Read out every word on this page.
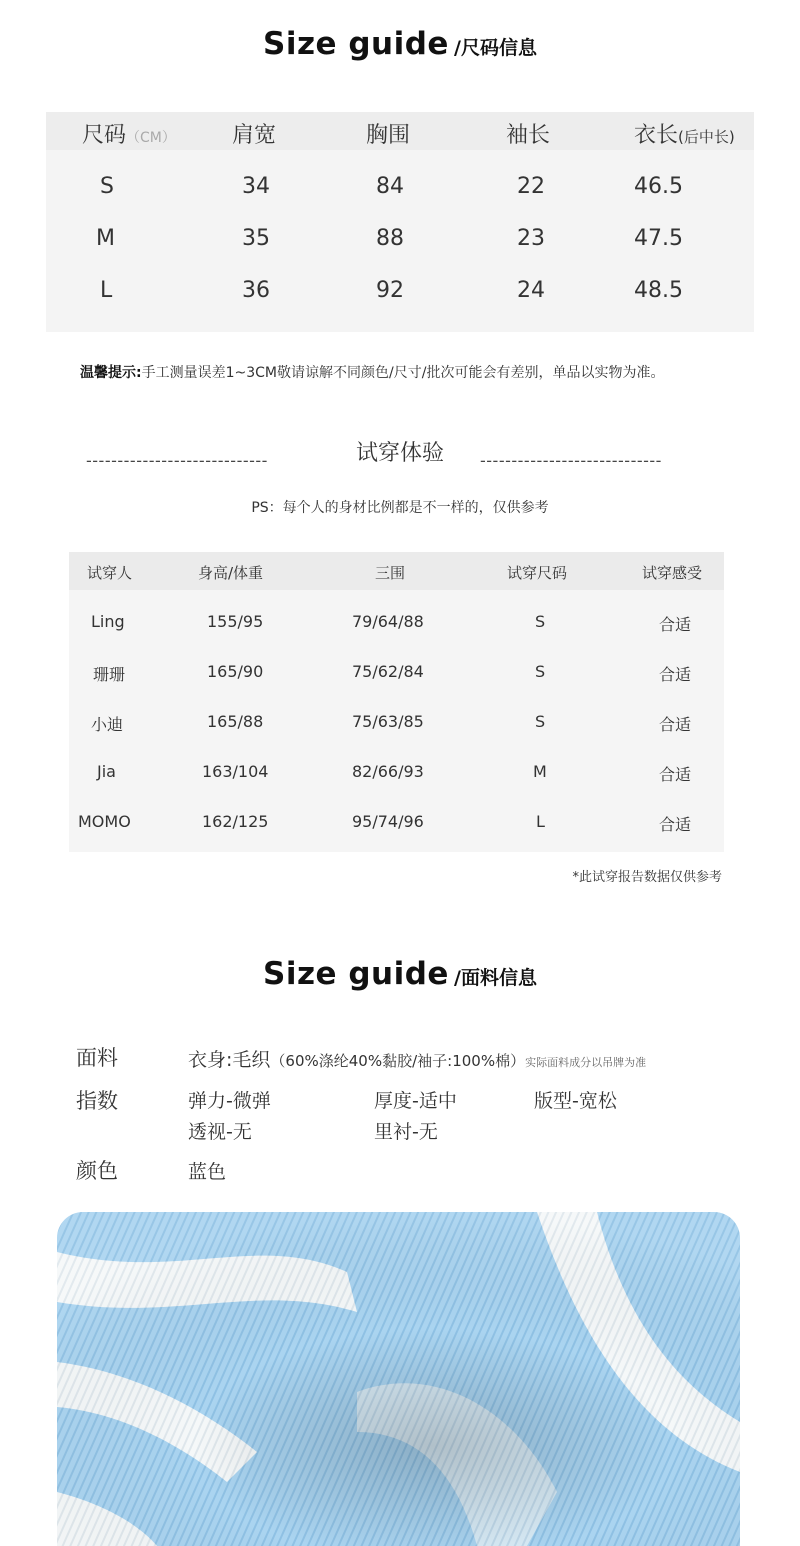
Size guide /尺码信息
尺码（CM）	肩宽	胸围	袖长	衣长(后中长)
S	34	84	22	46.5
M	35	88	23	47.5
L	36	92	24	48.5
温馨提示:手工测量误差1~3CM敬请谅解不同颜色/尺寸/批次可能会有差别，单品以实物为准。
-----------------------------	试穿体验	-----------------------------
PS：每个人的身材比例都是不一样的，仅供参考
试穿人	身高/体重	三围	试穿尺码	试穿感受
Ling	155/95	79/64/88	S	合适
珊珊	165/90	75/62/84	S	合适
小迪	165/88	75/63/85	S	合适
Jia	163/104	82/66/93	M	合适
MOMO	162/125	95/74/96	L	合适
*此试穿报告数据仅供参考
Size guide /面料信息
面料	衣身:毛织（60%涤纶40%黏胶/袖子:100%棉）实际面料成分以吊牌为准
指数	弹力-微弹	厚度-适中	版型-宽松
透视-无	里衬-无
颜色	蓝色
